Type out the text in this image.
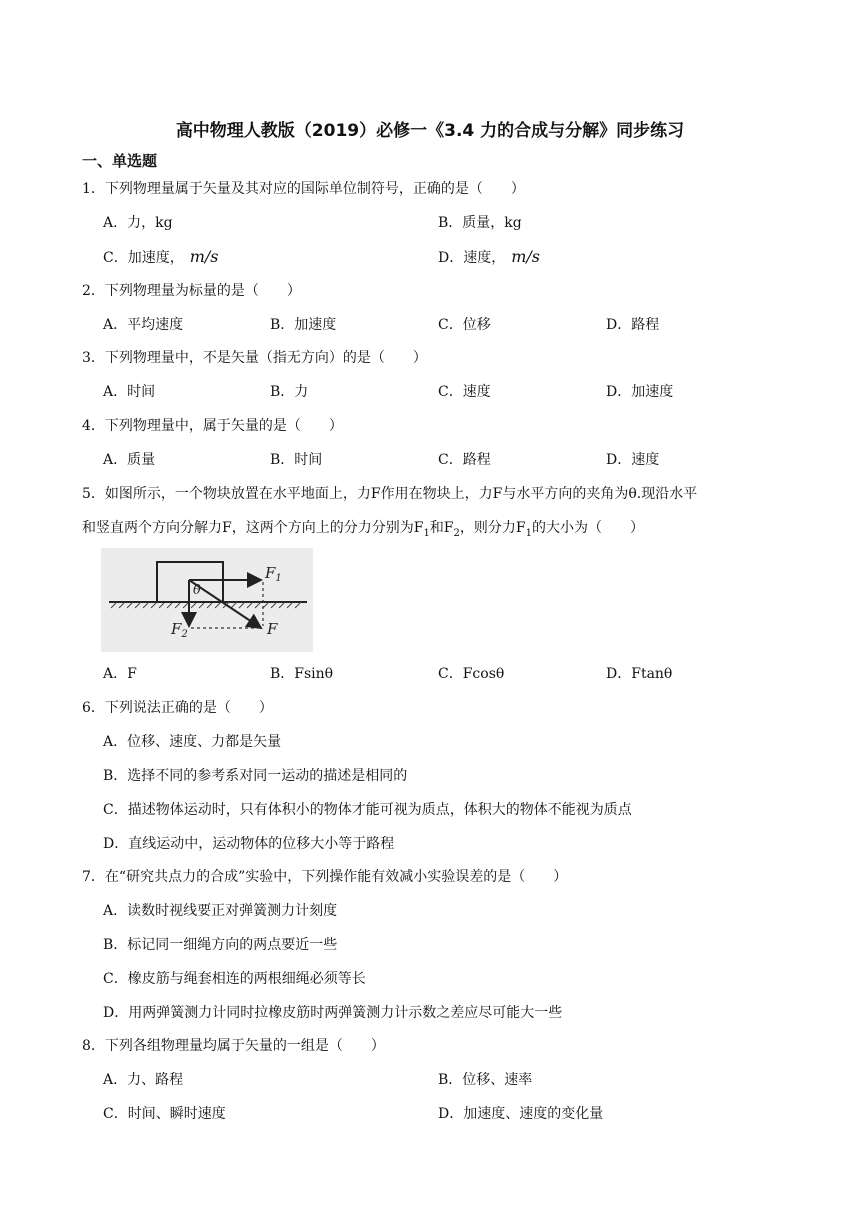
高中物理人教版（2019）必修一《3.4 力的合成与分解》同步练习
一、单选题
1．下列物理量属于矢量及其对应的国际单位制符号，正确的是（　　）
A．力，kg	B．质量，kg
C．加速度， m/s	D．速度， m/s
2．下列物理量为标量的是（　　）
A．平均速度	B．加速度	C．位移	D．路程
3．下列物理量中，不是矢量（指无方向）的是（　　）
A．时间	B．力	C．速度	D．加速度
4．下列物理量中，属于矢量的是（　　）
A．质量	B．时间	C．路程	D．速度
5．如图所示，一个物块放置在水平地面上，力F作用在物块上，力F与水平方向的夹角为θ.现沿水平
和竖直两个方向分解力F，这两个方向上的分力分别为$F_1$和$F_2$，则分力$F_1$的大小为（　　）
$F_1$
$F_2$	F
θ
A．F	B．Fsinθ	C．Fcosθ	D．Ftanθ
6．下列说法正确的是（　　）
A．位移、速度、力都是矢量
B．选择不同的参考系对同一运动的描述是相同的
C．描述物体运动时，只有体积小的物体才能可视为质点，体积大的物体不能视为质点
D．直线运动中，运动物体的位移大小等于路程
7．在“研究共点力的合成”实验中，下列操作能有效减小实验误差的是（　　）
A．读数时视线要正对弹簧测力计刻度
B．标记同一细绳方向的两点要近一些
C．橡皮筋与绳套相连的两根细绳必须等长
D．用两弹簧测力计同时拉橡皮筋时两弹簧测力计示数之差应尽可能大一些
8．下列各组物理量均属于矢量的一组是（　　）
A．力、路程	B．位移、速率
C．时间、瞬时速度	D．加速度、速度的变化量
